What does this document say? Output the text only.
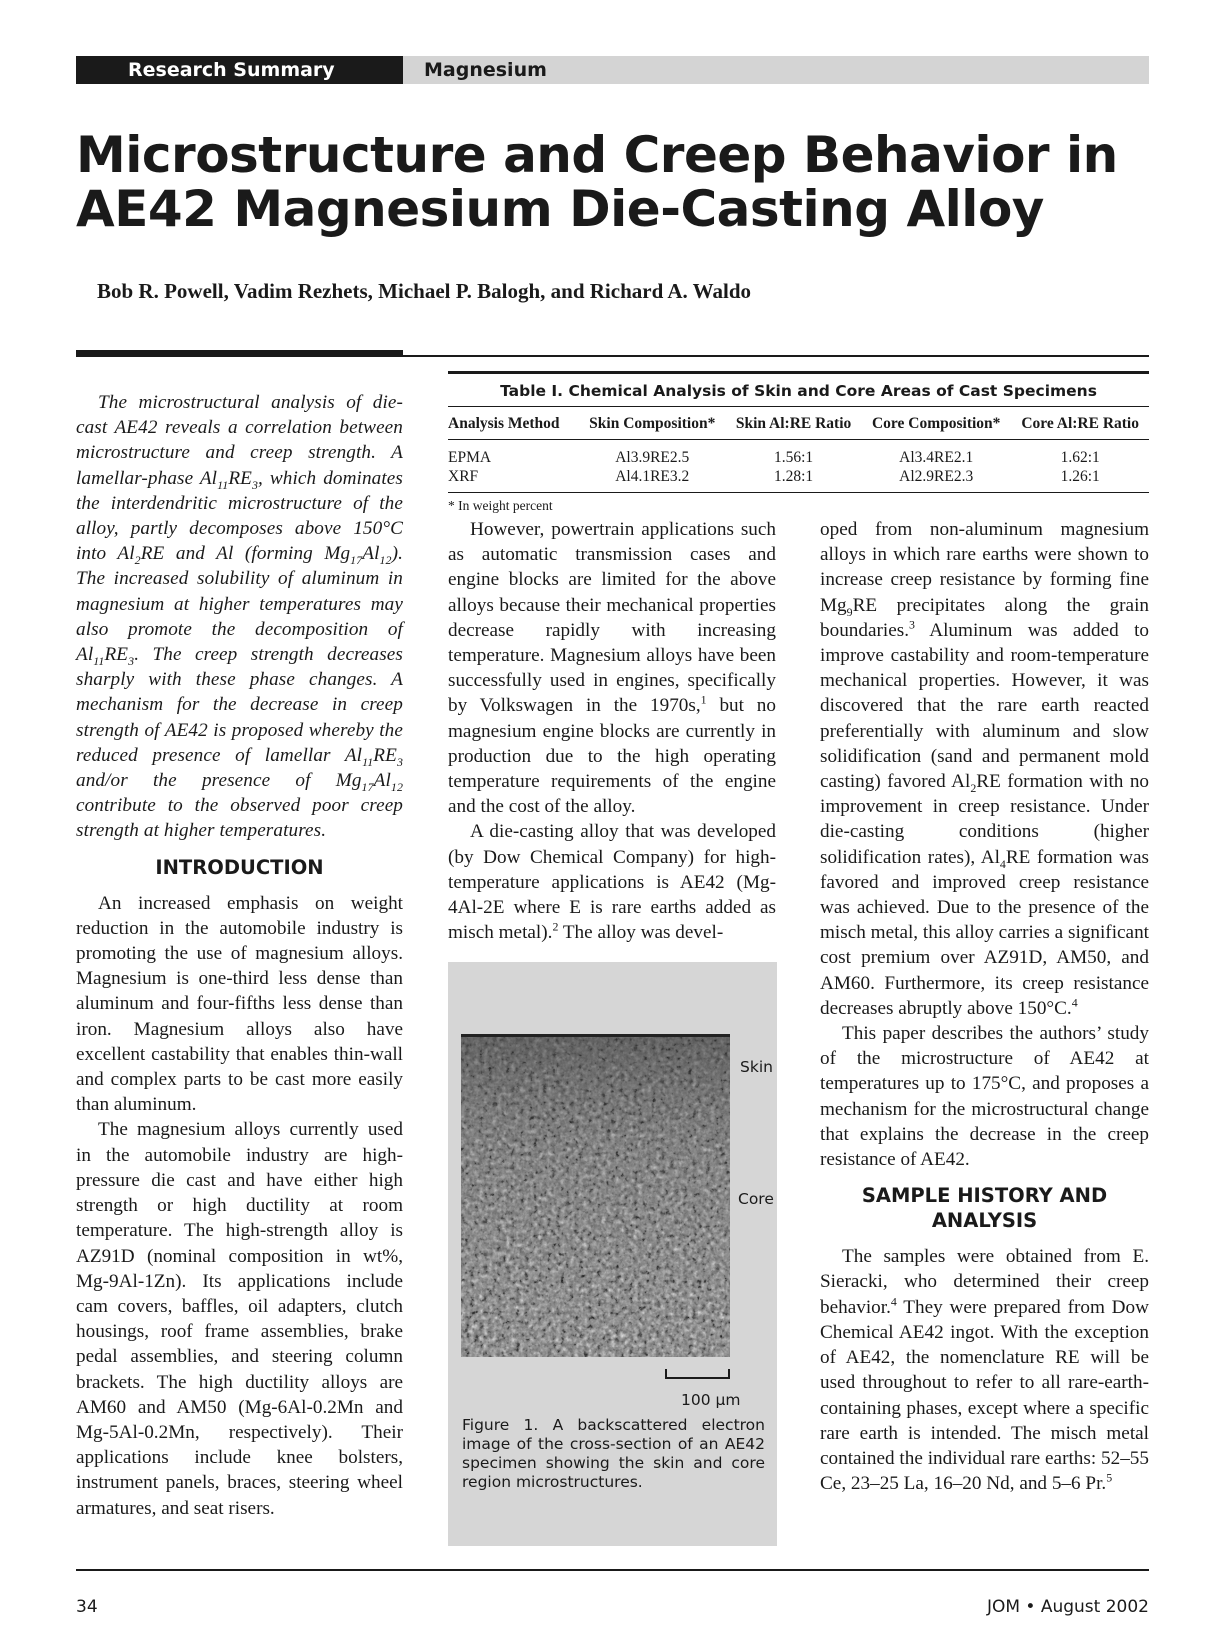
Research Summary	Magnesium
Microstructure and Creep Behavior in
AE42 Magnesium Die-Casting Alloy
Bob R. Powell, Vadim Rezhets, Michael P. Balogh, and Richard A. Waldo

The microstructural analysis of die-cast AE42 reveals a correlation between microstructure and creep strength. A lamellar-phase $Al_{11}RE_3$, which dominates the interdendritic microstructure of the alloy, partly decomposes above 150°C into $Al_2RE$ and Al (forming $Mg_{17}Al_{12}$). The increased solubility of aluminum in magnesium at higher temperatures may also promote the decomposition of $Al_{11}RE_3$. The creep strength decreases sharply with these phase changes. A mechanism for the decrease in creep strength of AE42 is proposed whereby the reduced presence of lamellar $Al_{11}RE_3$ and/or the presence of $Mg_{17}Al_{12}$ contribute to the observed poor creep strength at higher temperatures.

INTRODUCTION

An increased emphasis on weight reduction in the automobile industry is promoting the use of magnesium alloys. Magnesium is one-third less dense than aluminum and four-fifths less dense than iron. Magnesium alloys also have excellent castability that enables thin-wall and complex parts to be cast more easily than aluminum.

The magnesium alloys currently used in the automobile industry are high-pressure die cast and have either high strength or high ductility at room temperature. The high-strength alloy is AZ91D (nominal composition in wt%, Mg-9Al-1Zn). Its applications include cam covers, baffles, oil adapters, clutch housings, roof frame assemblies, brake pedal assemblies, and steering column brackets. The high ductility alloys are AM60 and AM50 (Mg-6Al-0.2Mn and Mg-5Al-0.2Mn, respectively). Their applications include knee bolsters, instrument panels, braces, steering wheel armatures, and seat risers.

Table I. Chemical Analysis of Skin and Core Areas of Cast Specimens
Analysis Method	Skin Composition*	Skin Al:RE Ratio	Core Composition*	Core Al:RE Ratio
EPMA	Al3.9RE2.5	1.56:1	Al3.4RE2.1	1.62:1
XRF	Al4.1RE3.2	1.28:1	Al2.9RE2.3	1.26:1
* In weight percent

However, powertrain applications such as automatic transmission cases and engine blocks are limited for the above alloys because their mechanical properties decrease rapidly with increasing temperature. Magnesium alloys have been successfully used in engines, specifically by Volkswagen in the 1970s,$^1$ but no magnesium engine blocks are currently in production due to the high operating temperature requirements of the engine and the cost of the alloy.

A die-casting alloy that was developed (by Dow Chemical Company) for high-temperature applications is AE42 (Mg-4Al-2E where E is rare earths added as misch metal).$^2$ The alloy was devel-

Skin
Core
100 µm
Figure 1. A backscattered electron image of the cross-section of an AE42 specimen showing the skin and core region microstructures.

oped from non-aluminum magnesium alloys in which rare earths were shown to increase creep resistance by forming fine $Mg_9RE$ precipitates along the grain boundaries.$^3$ Aluminum was added to improve castability and room-temperature mechanical properties. However, it was discovered that the rare earth reacted preferentially with aluminum and slow solidification (sand and permanent mold casting) favored $Al_2RE$ formation with no improvement in creep resistance. Under die-casting conditions (higher solidification rates), $Al_4RE$ formation was favored and improved creep resistance was achieved. Due to the presence of the misch metal, this alloy carries a significant cost premium over AZ91D, AM50, and AM60. Furthermore, its creep resistance decreases abruptly above 150°C.$^4$

This paper describes the authors’ study of the microstructure of AE42 at temperatures up to 175°C, and proposes a mechanism for the microstructural change that explains the decrease in the creep resistance of AE42.

SAMPLE HISTORY AND
ANALYSIS

The samples were obtained from E. Sieracki, who determined their creep behavior.$^4$ They were prepared from Dow Chemical AE42 ingot. With the exception of AE42, the nomenclature RE will be used throughout to refer to all rare-earth-containing phases, except where a specific rare earth is intended. The misch metal contained the individual rare earths: 52–55 Ce, 23–25 La, 16–20 Nd, and 5–6 Pr.$^5$

34	JOM • August 2002
